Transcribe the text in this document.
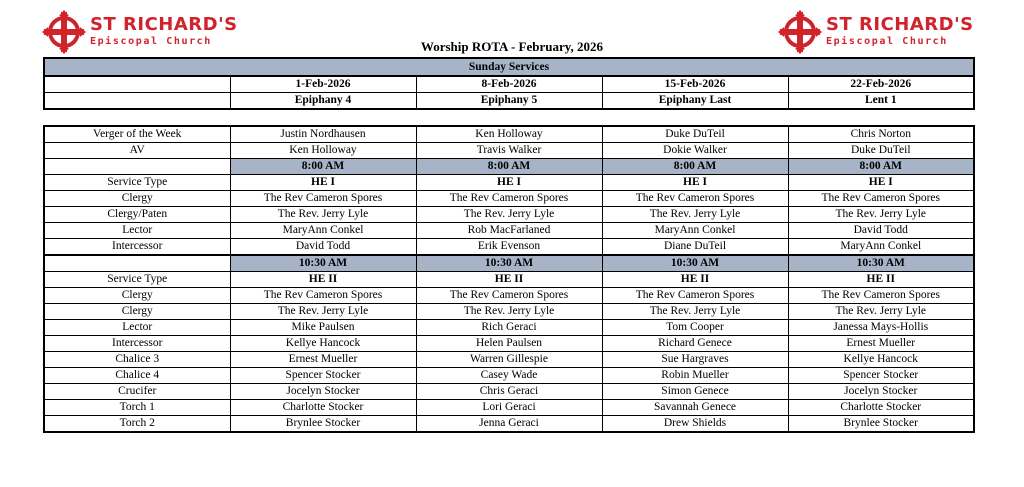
ST RICHARD'S
Episcopal Church
ST RICHARD'S
Episcopal Church
Worship ROTA - February, 2026
Sunday Services				
	1-Feb-2026	8-Feb-2026	15-Feb-2026	22-Feb-2026
	Epiphany 4	Epiphany 5	Epiphany Last	Lent 1
Verger of the Week	Justin Nordhausen	Ken Holloway	Duke DuTeil	Chris Norton
AV	Ken Holloway	Travis Walker	Dokie Walker	Duke DuTeil
	8:00 AM	8:00 AM	8:00 AM	8:00 AM
Service Type	HE I	HE I	HE I	HE I
Clergy	The Rev Cameron Spores	The Rev Cameron Spores	The Rev Cameron Spores	The Rev Cameron Spores
Clergy/Paten	The Rev. Jerry Lyle	The Rev. Jerry Lyle	The Rev. Jerry Lyle	The Rev. Jerry Lyle
Lector	MaryAnn Conkel	Rob MacFarlaned	MaryAnn Conkel	David Todd
Intercessor	David Todd	Erik Evenson	Diane DuTeil	MaryAnn Conkel
	10:30 AM	10:30 AM	10:30 AM	10:30 AM
Service Type	HE II	HE II	HE II	HE II
Clergy	The Rev Cameron Spores	The Rev Cameron Spores	The Rev Cameron Spores	The Rev Cameron Spores
Clergy	The Rev. Jerry Lyle	The Rev. Jerry Lyle	The Rev. Jerry Lyle	The Rev. Jerry Lyle
Lector	Mike Paulsen	Rich Geraci	Tom Cooper	Janessa Mays-Hollis
Intercessor	Kellye Hancock	Helen Paulsen	Richard Genece	Ernest Mueller
Chalice 3	Ernest Mueller	Warren Gillespie	Sue Hargraves	Kellye Hancock
Chalice 4	Spencer Stocker	Casey Wade	Robin Mueller	Spencer Stocker
Crucifer	Jocelyn Stocker	Chris Geraci	Simon Genece	Jocelyn Stocker
Torch 1	Charlotte Stocker	Lori Geraci	Savannah Genece	Charlotte Stocker
Torch 2	Brynlee Stocker	Jenna Geraci	Drew Shields	Brynlee Stocker
